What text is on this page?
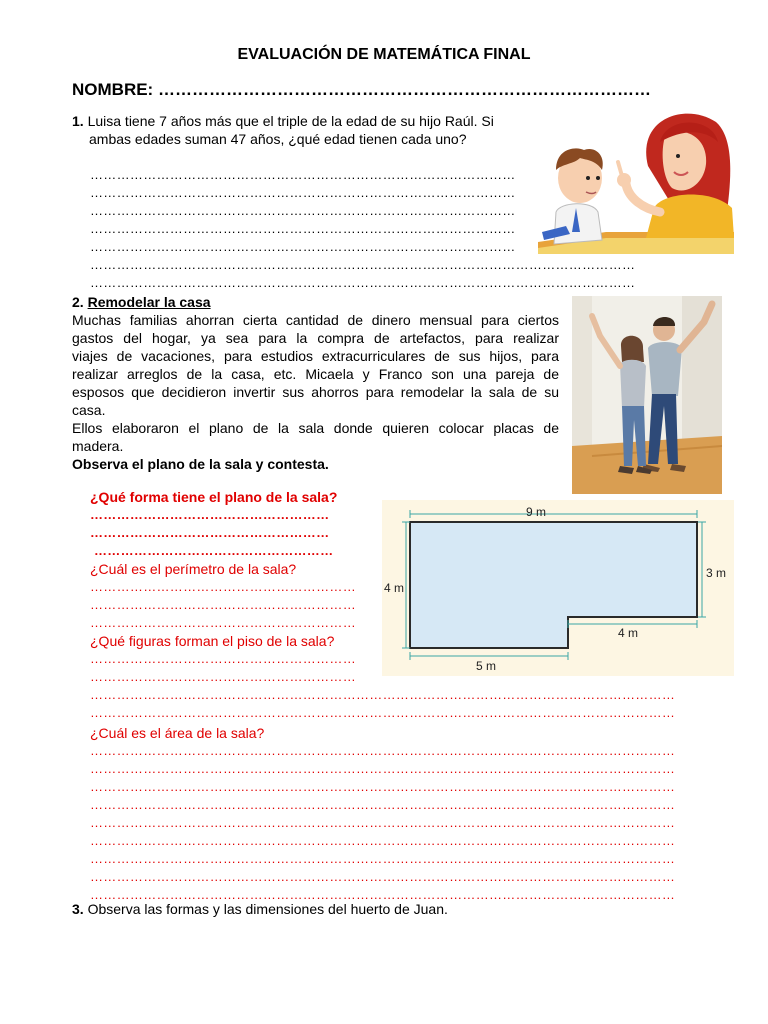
EVALUACIÓN DE MATEMÁTICA FINAL
NOMBRE: ……………………………………………………………………………
1. Luisa tiene 7 años más que el triple de la edad de su hijo Raúl. Si
ambas edades suman 47 años, ¿qué edad tienen cada uno?
……………………………………………………………………………………
……………………………………………………………………………………
……………………………………………………………………………………
……………………………………………………………………………………
……………………………………………………………………………………
……………………………………………………………………………………………………………
……………………………………………………………………………………………………………
2. Remodelar la casa
Muchas familias ahorran cierta cantidad de dinero mensual para ciertos
gastos del hogar, ya sea para la compra de artefactos, para realizar
viajes de vacaciones, para estudios extracurriculares de sus hijos, para
realizar arreglos de la casa, etc. Micaela y Franco son una pareja de
esposos que decidieron invertir sus ahorros para remodelar la sala de su
casa.
Ellos elaboraron el plano de la sala donde quieren colocar placas de
madera.
Observa el plano de la sala y contesta.
¿Qué forma tiene el plano de la sala?
………………………………………………
………………………………………………
………………………………………………
¿Cuál es el perímetro de la sala?
……………………………………………………
……………………………………………………
……………………………………………………
¿Qué figuras forman el piso de la sala?
……………………………………………………
……………………………………………………
9 m
4 m
3 m
4 m
5 m
……………………………………………………………………………………………………………………
……………………………………………………………………………………………………………………
¿Cuál es el área de la sala?
……………………………………………………………………………………………………………………
……………………………………………………………………………………………………………………
……………………………………………………………………………………………………………………
……………………………………………………………………………………………………………………
……………………………………………………………………………………………………………………
……………………………………………………………………………………………………………………
……………………………………………………………………………………………………………………
……………………………………………………………………………………………………………………
……………………………………………………………………………………………………………………
3. Observa las formas y las dimensiones del huerto de Juan.
